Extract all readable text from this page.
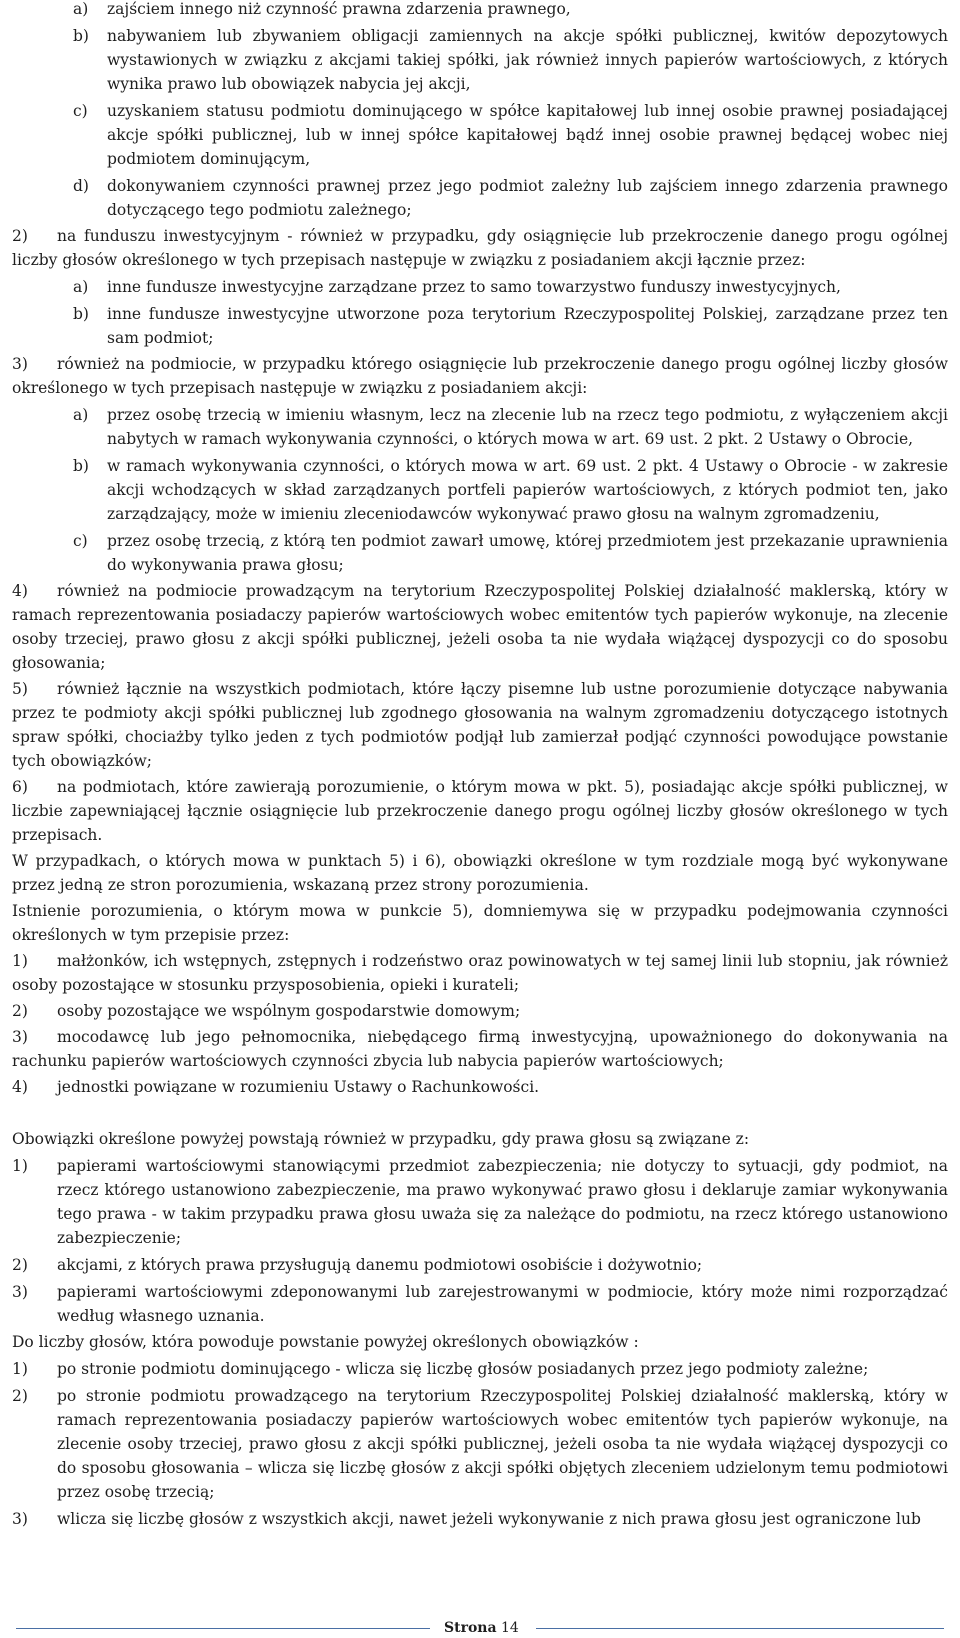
a) zajściem innego niż czynność prawna zdarzenia prawnego,

b) nabywaniem lub zbywaniem obligacji zamiennych na akcje spółki publicznej, kwitów depozytowych wystawionych w związku z akcjami takiej spółki, jak również innych papierów wartościowych, z których wynika prawo lub obowiązek nabycia jej akcji,

c) uzyskaniem statusu podmiotu dominującego w spółce kapitałowej lub innej osobie prawnej posiadającej akcje spółki publicznej, lub w innej spółce kapitałowej bądź innej osobie prawnej będącej wobec niej podmiotem dominującym,

d) dokonywaniem czynności prawnej przez jego podmiot zależny lub zajściem innego zdarzenia prawnego dotyczącego tego podmiotu zależnego;

2) na funduszu inwestycyjnym - również w przypadku, gdy osiągnięcie lub przekroczenie danego progu ogólnej liczby głosów określonego w tych przepisach następuje w związku z posiadaniem akcji łącznie przez:

a) inne fundusze inwestycyjne zarządzane przez to samo towarzystwo funduszy inwestycyjnych,

b) inne fundusze inwestycyjne utworzone poza terytorium Rzeczypospolitej Polskiej, zarządzane przez ten sam podmiot;

3) również na podmiocie, w przypadku którego osiągnięcie lub przekroczenie danego progu ogólnej liczby głosów określonego w tych przepisach następuje w związku z posiadaniem akcji:

a) przez osobę trzecią w imieniu własnym, lecz na zlecenie lub na rzecz tego podmiotu, z wyłączeniem akcji nabytych w ramach wykonywania czynności, o których mowa w art. 69 ust. 2 pkt. 2 Ustawy o Obrocie,

b) w ramach wykonywania czynności, o których mowa w art. 69 ust. 2 pkt. 4 Ustawy o Obrocie - w zakresie akcji wchodzących w skład zarządzanych portfeli papierów wartościowych, z których podmiot ten, jako zarządzający, może w imieniu zleceniodawców wykonywać prawo głosu na walnym zgromadzeniu,

c) przez osobę trzecią, z którą ten podmiot zawarł umowę, której przedmiotem jest przekazanie uprawnienia do wykonywania prawa głosu;

4) również na podmiocie prowadzącym na terytorium Rzeczypospolitej Polskiej działalność maklerską, który w ramach reprezentowania posiadaczy papierów wartościowych wobec emitentów tych papierów wykonuje, na zlecenie osoby trzeciej, prawo głosu z akcji spółki publicznej, jeżeli osoba ta nie wydała wiążącej dyspozycji co do sposobu głosowania;

5) również łącznie na wszystkich podmiotach, które łączy pisemne lub ustne porozumienie dotyczące nabywania przez te podmioty akcji spółki publicznej lub zgodnego głosowania na walnym zgromadzeniu dotyczącego istotnych spraw spółki, chociażby tylko jeden z tych podmiotów podjął lub zamierzał podjąć czynności powodujące powstanie tych obowiązków;

6) na podmiotach, które zawierają porozumienie, o którym mowa w pkt. 5), posiadając akcje spółki publicznej, w liczbie zapewniającej łącznie osiągnięcie lub przekroczenie danego progu ogólnej liczby głosów określonego w tych przepisach.

W przypadkach, o których mowa w punktach 5) i 6), obowiązki określone w tym rozdziale mogą być wykonywane przez jedną ze stron porozumienia, wskazaną przez strony porozumienia.

Istnienie porozumienia, o którym mowa w punkcie 5), domniemywa się w przypadku podejmowania czynności określonych w tym przepisie przez:

1) małżonków, ich wstępnych, zstępnych i rodzeństwo oraz powinowatych w tej samej linii lub stopniu, jak również osoby pozostające w stosunku przysposobienia, opieki i kurateli;

2) osoby pozostające we wspólnym gospodarstwie domowym;

3) mocodawcę lub jego pełnomocnika, niebędącego firmą inwestycyjną, upoważnionego do dokonywania na rachunku papierów wartościowych czynności zbycia lub nabycia papierów wartościowych;

4) jednostki powiązane w rozumieniu Ustawy o Rachunkowości.

Obowiązki określone powyżej powstają również w przypadku, gdy prawa głosu są związane z:

1) papierami wartościowymi stanowiącymi przedmiot zabezpieczenia; nie dotyczy to sytuacji, gdy podmiot, na rzecz którego ustanowiono zabezpieczenie, ma prawo wykonywać prawo głosu i deklaruje zamiar wykonywania tego prawa - w takim przypadku prawa głosu uważa się za należące do podmiotu, na rzecz którego ustanowiono zabezpieczenie;

2) akcjami, z których prawa przysługują danemu podmiotowi osobiście i dożywotnio;

3) papierami wartościowymi zdeponowanymi lub zarejestrowanymi w podmiocie, który może nimi rozporządzać według własnego uznania.

Do liczby głosów, która powoduje powstanie powyżej określonych obowiązków :

1) po stronie podmiotu dominującego - wlicza się liczbę głosów posiadanych przez jego podmioty zależne;

2) po stronie podmiotu prowadzącego na terytorium Rzeczypospolitej Polskiej działalność maklerską, który w ramach reprezentowania posiadaczy papierów wartościowych wobec emitentów tych papierów wykonuje, na zlecenie osoby trzeciej, prawo głosu z akcji spółki publicznej, jeżeli osoba ta nie wydała wiążącej dyspozycji co do sposobu głosowania – wlicza się liczbę głosów z akcji spółki objętych zleceniem udzielonym temu podmiotowi przez osobę trzecią;

3) wlicza się liczbę głosów z wszystkich akcji, nawet jeżeli wykonywanie z nich prawa głosu jest ograniczone lub

Strona 14
